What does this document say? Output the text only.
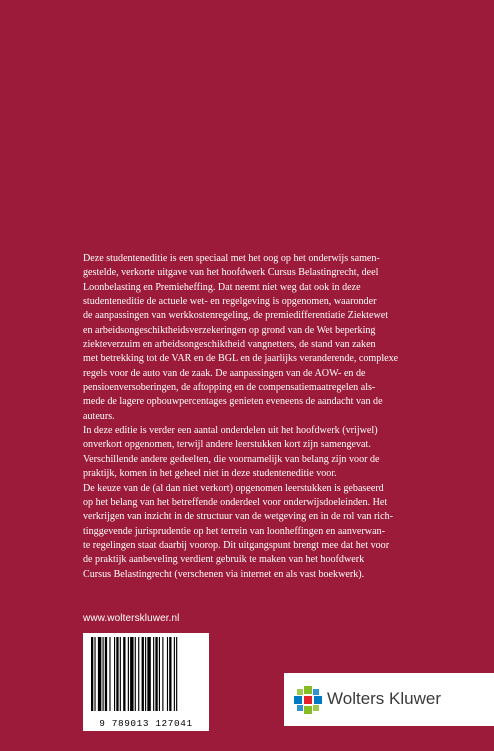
Deze studenteneditie is een speciaal met het oog op het onderwijs samen-
gestelde, verkorte uitgave van het hoofdwerk Cursus Belastingrecht, deel
Loonbelasting en Premieheffing. Dat neemt niet weg dat ook in deze
studenteneditie de actuele wet- en regelgeving is opgenomen, waaronder
de aanpassingen van werkkostenregeling, de premiedifferentiatie Ziektewet
en arbeidsongeschiktheidsverzekeringen op grond van de Wet beperking
ziekteverzuim en arbeidsongeschiktheid vangnetters, de stand van zaken
met betrekking tot de VAR en de BGL en de jaarlijks veranderende, complexe
regels voor de auto van de zaak. De aanpassingen van de AOW- en de
pensioenversoberingen, de aftopping en de compensatiemaatregelen als-
mede de lagere opbouwpercentages genieten eveneens de aandacht van de
auteurs.
In deze editie is verder een aantal onderdelen uit het hoofdwerk (vrijwel)
onverkort opgenomen, terwijl andere leerstukken kort zijn samengevat.
Verschillende andere gedeelten, die voornamelijk van belang zijn voor de
praktijk, komen in het geheel niet in deze studenteneditie voor.
De keuze van de (al dan niet verkort) opgenomen leerstukken is gebaseerd
op het belang van het betreffende onderdeel voor onderwijsdoeleinden. Het
verkrijgen van inzicht in de structuur van de wetgeving en in de rol van rich-
tinggevende jurisprudentie op het terrein van loonheffingen en aanverwan-
te regelingen staat daarbij voorop. Dit uitgangspunt brengt mee dat het voor
de praktijk aanbeveling verdient gebruik te maken van het hoofdwerk
Cursus Belastingrecht (verschenen via internet en als vast boekwerk).
www.wolterskluwer.nl
9 789013 127041
Wolters Kluwer
